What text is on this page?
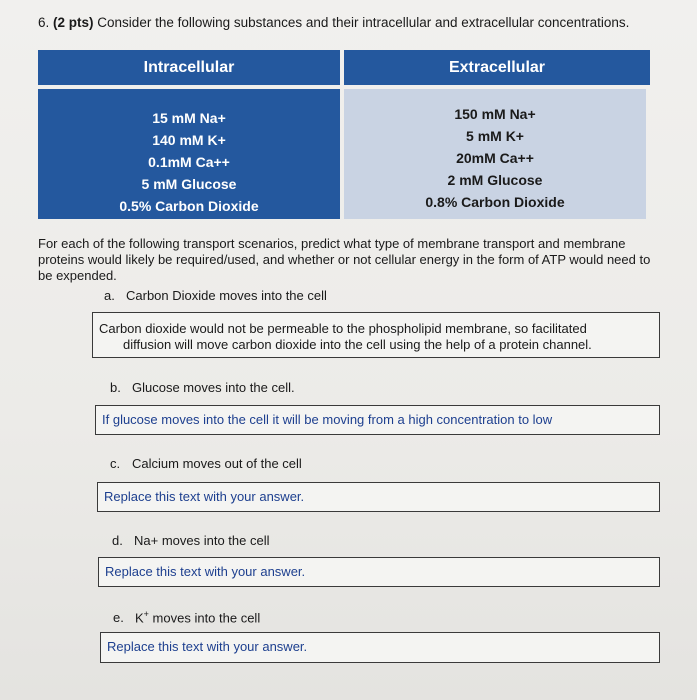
6. (2 pts) Consider the following substances and their intracellular and extracellular concentrations.
Intracellular	Extracellular
15 mM Na+
140 mM K+
0.1mM Ca++
5 mM Glucose
0.5% Carbon Dioxide
150 mM Na+
5 mM K+
20mM Ca++
2 mM Glucose
0.8% Carbon Dioxide
For each of the following transport scenarios, predict what type of membrane transport and membrane proteins would likely be required/used, and whether or not cellular energy in the form of ATP would need to be expended.
a. Carbon Dioxide moves into the cell
Carbon dioxide would not be permeable to the phospholipid membrane, so facilitated
diffusion will move carbon dioxide into the cell using the help of a protein channel.
b. Glucose moves into the cell.
If glucose moves into the cell it will be moving from a high concentration to low
c. Calcium moves out of the cell
Replace this text with your answer.
d. Na+ moves into the cell
Replace this text with your answer.
e. K+ moves into the cell
Replace this text with your answer.
